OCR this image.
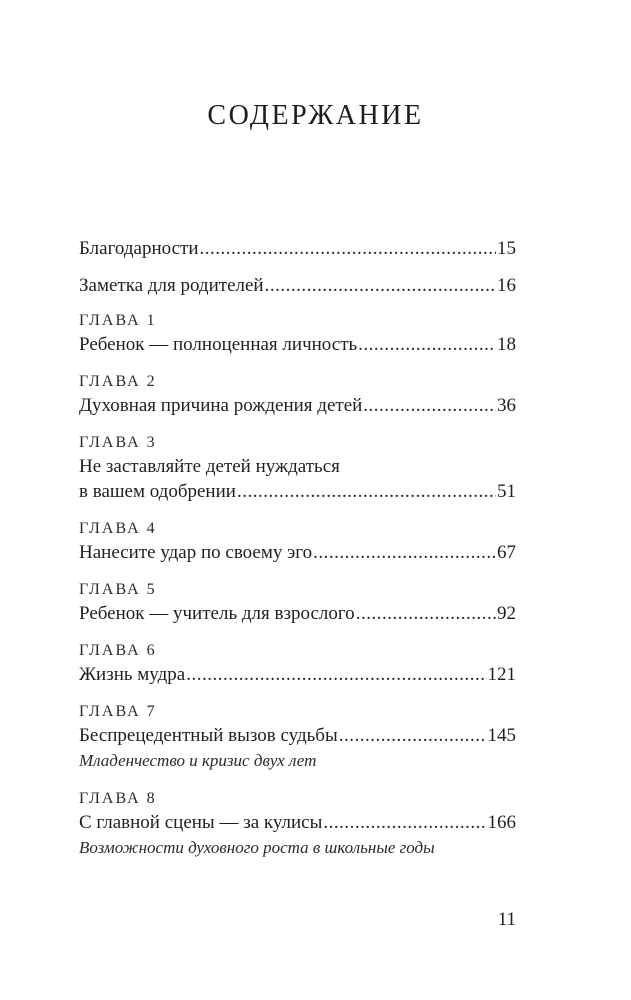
СОДЕРЖАНИЕ
Благодарности .....	15
Заметка для родителей .....	16
ГЛАВА 1
Ребенок — полноценная личность .....	18
ГЛАВА 2
Духовная причина рождения детей .....	36
ГЛАВА 3
Не заставляйте детей нуждаться
в вашем одобрении .....	51
ГЛАВА 4
Нанесите удар по своему эго .....	67
ГЛАВА 5
Ребенок — учитель для взрослого .....	92
ГЛАВА 6
Жизнь мудра .....	121
ГЛАВА 7
Беспрецедентный вызов судьбы .....	145
Младенчество и кризис двух лет
ГЛАВА 8
С главной сцены — за кулисы .....	166
Возможности духовного роста в школьные годы
11
